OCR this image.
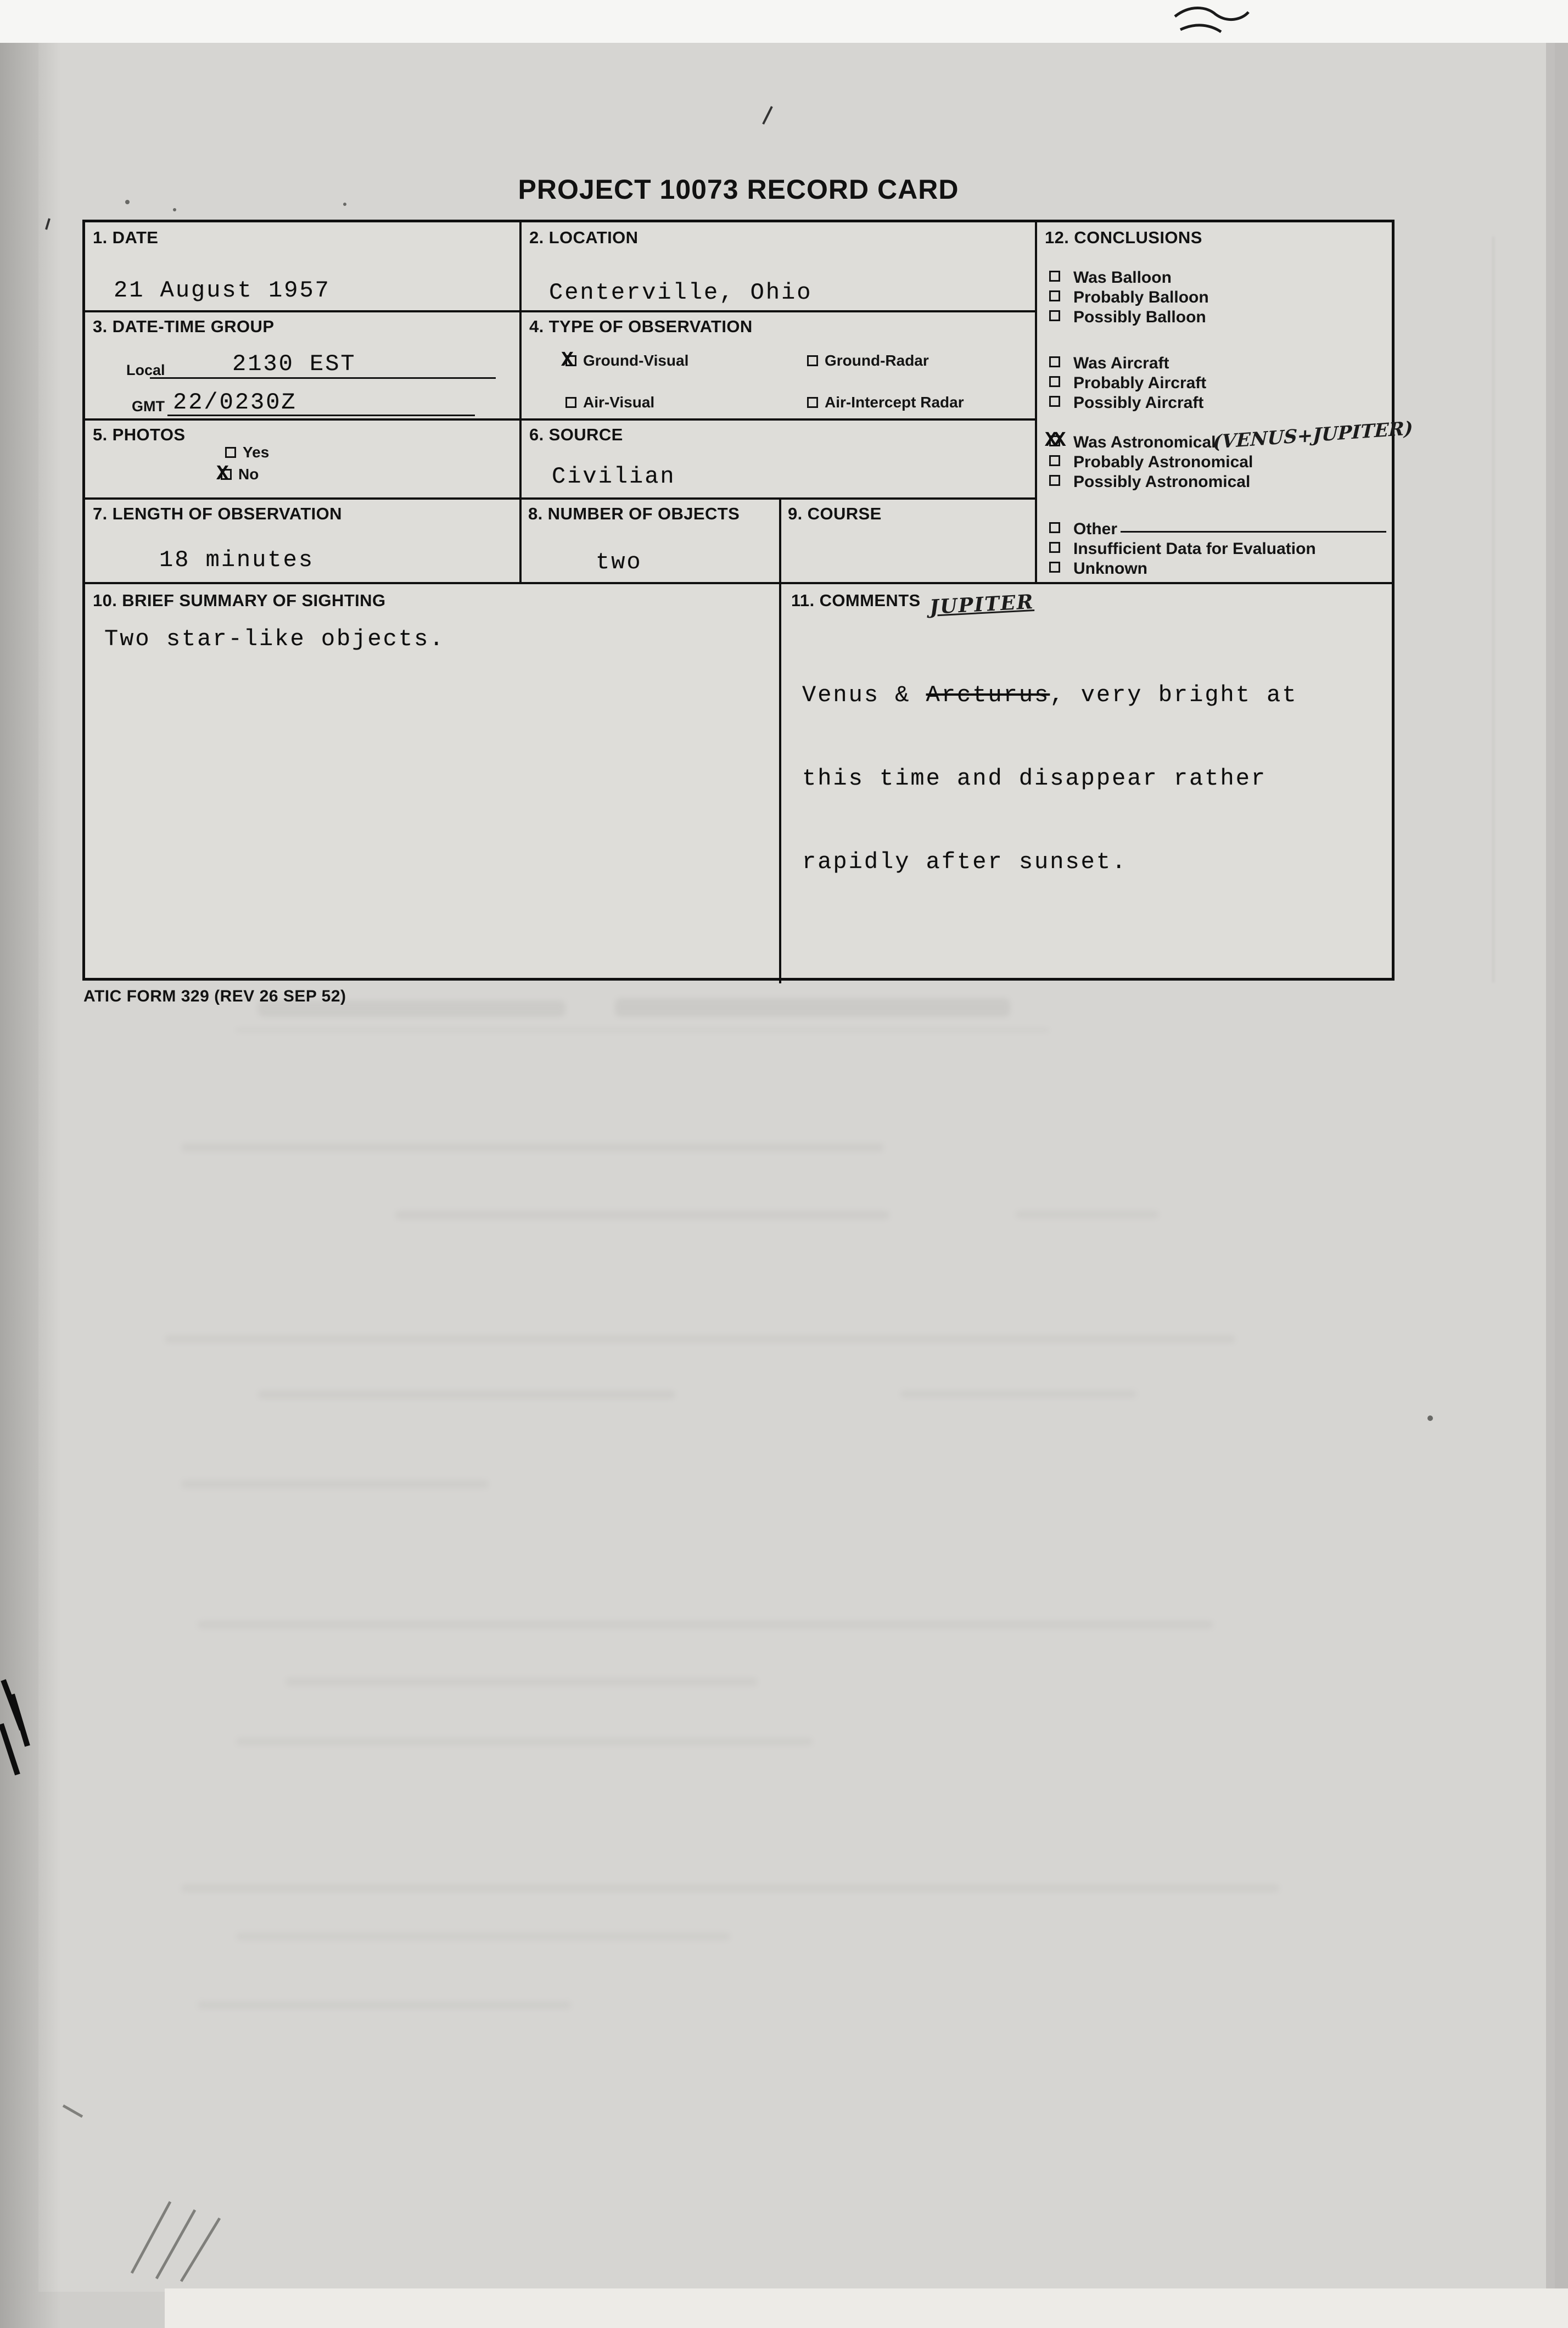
PROJECT 10073 RECORD CARD
1. DATE
21 August 1957
2. LOCATION
Centerville, Ohio
3. DATE-TIME GROUP
Local	2130 EST
GMT 22/0230Z
4. TYPE OF OBSERVATION
X Ground-Visual	Ground-Radar
Air-Visual	Air-Intercept Radar
5. PHOTOS
Yes
X No
6. SOURCE
Civilian
7. LENGTH OF OBSERVATION
18 minutes
8. NUMBER OF OBJECTS
two
9. COURSE
10. BRIEF SUMMARY OF SIGHTING
Two star-like objects.
11. COMMENTS JUPITER

Venus & Arcturus, very bright at

this time and disappear rather

rapidly after sunset.

12. CONCLUSIONS
Was Balloon
Probably Balloon
Possibly Balloon
Was Aircraft
Probably Aircraft
Possibly Aircraft
XX Was Astronomical
(VENUS+JUPITER)
Probably Astronomical
Possibly Astronomical
Other
Insufficient Data for Evaluation
Unknown
ATIC FORM 329 (REV 26 SEP 52)
